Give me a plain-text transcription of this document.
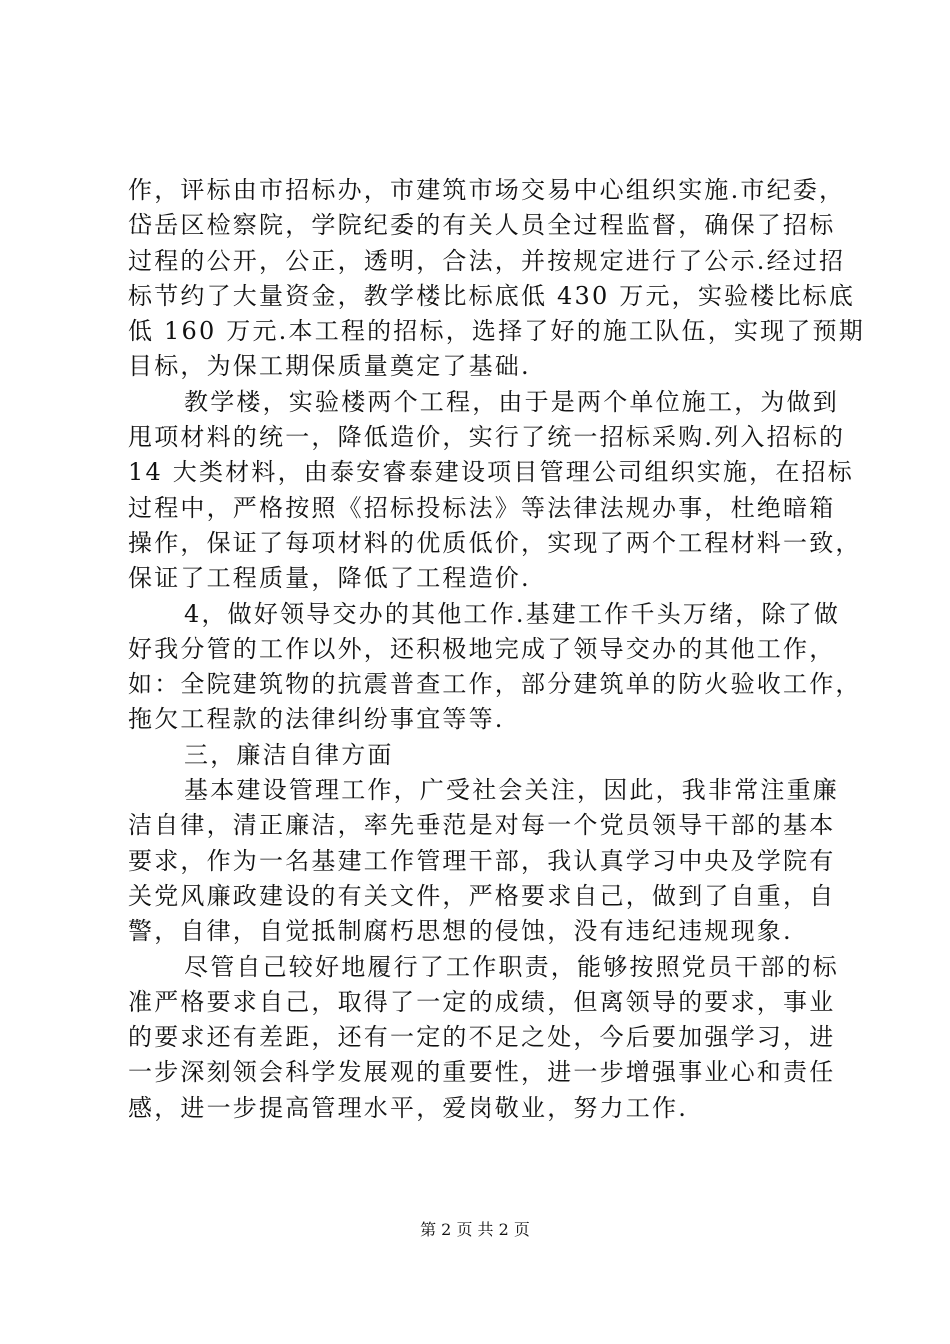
作，评标由市招标办，市建筑市场交易中心组织实施.市纪委，
岱岳区检察院，学院纪委的有关人员全过程监督，确保了招标
过程的公开，公正，透明，合法，并按规定进行了公示.经过招
标节约了大量资金，教学楼比标底低 430 万元，实验楼比标底
低 160 万元.本工程的招标，选择了好的施工队伍，实现了预期
目标，为保工期保质量奠定了基础.
教学楼，实验楼两个工程，由于是两个单位施工，为做到
甩项材料的统一，降低造价，实行了统一招标采购.列入招标的
14 大类材料，由泰安睿泰建设项目管理公司组织实施，在招标
过程中，严格按照《招标投标法》等法律法规办事，杜绝暗箱
操作，保证了每项材料的优质低价，实现了两个工程材料一致，
保证了工程质量，降低了工程造价.
4，做好领导交办的其他工作.基建工作千头万绪，除了做
好我分管的工作以外，还积极地完成了领导交办的其他工作，
如：全院建筑物的抗震普查工作，部分建筑单的防火验收工作，
拖欠工程款的法律纠纷事宜等等.
三，廉洁自律方面
基本建设管理工作，广受社会关注，因此，我非常注重廉
洁自律，清正廉洁，率先垂范是对每一个党员领导干部的基本
要求，作为一名基建工作管理干部，我认真学习中央及学院有
关党风廉政建设的有关文件，严格要求自己，做到了自重，自
警，自律，自觉抵制腐朽思想的侵蚀，没有违纪违规现象.
尽管自己较好地履行了工作职责，能够按照党员干部的标
准严格要求自己，取得了一定的成绩，但离领导的要求，事业
的要求还有差距，还有一定的不足之处，今后要加强学习，进
一步深刻领会科学发展观的重要性，进一步增强事业心和责任
感，进一步提高管理水平，爱岗敬业，努力工作.
第 2 页 共 2 页
